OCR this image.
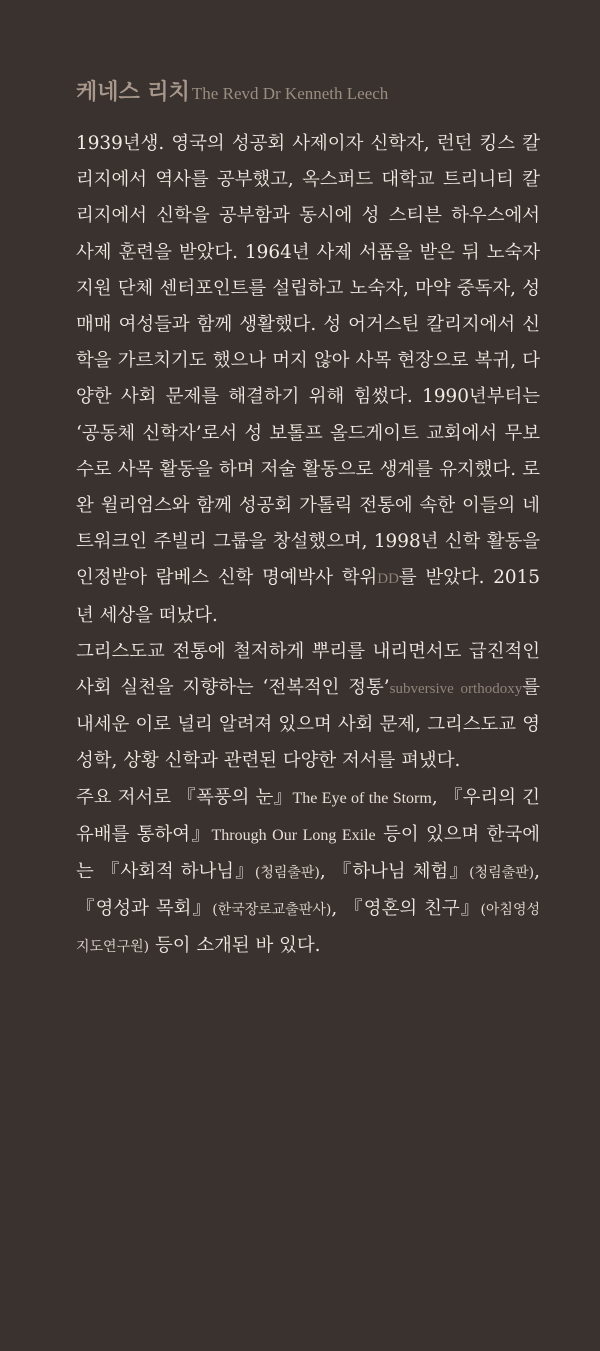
케네스 리치 The Revd Dr Kenneth Leech

1939년생. 영국의 성공회 사제이자 신학자, 런던 킹스 칼리지에서 역사를 공부했고, 옥스퍼드 대학교 트리니티 칼리지에서 신학을 공부함과 동시에 성 스티븐 하우스에서 사제 훈련을 받았다. 1964년 사제 서품을 받은 뒤 노숙자 지원 단체 센터포인트를 설립하고 노숙자, 마약 중독자, 성매매 여성들과 함께 생활했다. 성 어거스틴 칼리지에서 신학을 가르치기도 했으나 머지 않아 사목 현장으로 복귀, 다양한 사회 문제를 해결하기 위해 힘썼다. 1990년부터는 ‘공동체 신학자’로서 성 보톨프 올드게이트 교회에서 무보수로 사목 활동을 하며 저술 활동으로 생계를 유지했다. 로완 윌리엄스와 함께 성공회 가톨릭 전통에 속한 이들의 네트워크인 주빌리 그룹을 창설했으며, 1998년 신학 활동을 인정받아 람베스 신학 명예박사 학위DD를 받았다. 2015년 세상을 떠났다.

그리스도교 전통에 철저하게 뿌리를 내리면서도 급진적인 사회 실천을 지향하는 ‘전복적인 정통’subversive orthodoxy를 내세운 이로 널리 알려져 있으며 사회 문제, 그리스도교 영성학, 상황 신학과 관련된 다양한 저서를 펴냈다.

주요 저서로 『폭풍의 눈』The Eye of the Storm, 『우리의 긴 유배를 통하여』Through Our Long Exile 등이 있으며 한국에는 『사회적 하나님』(청림출판), 『하나님 체험』(청림출판), 『영성과 목회』(한국장로교출판사), 『영혼의 친구』(아침영성지도연구원) 등이 소개된 바 있다.
